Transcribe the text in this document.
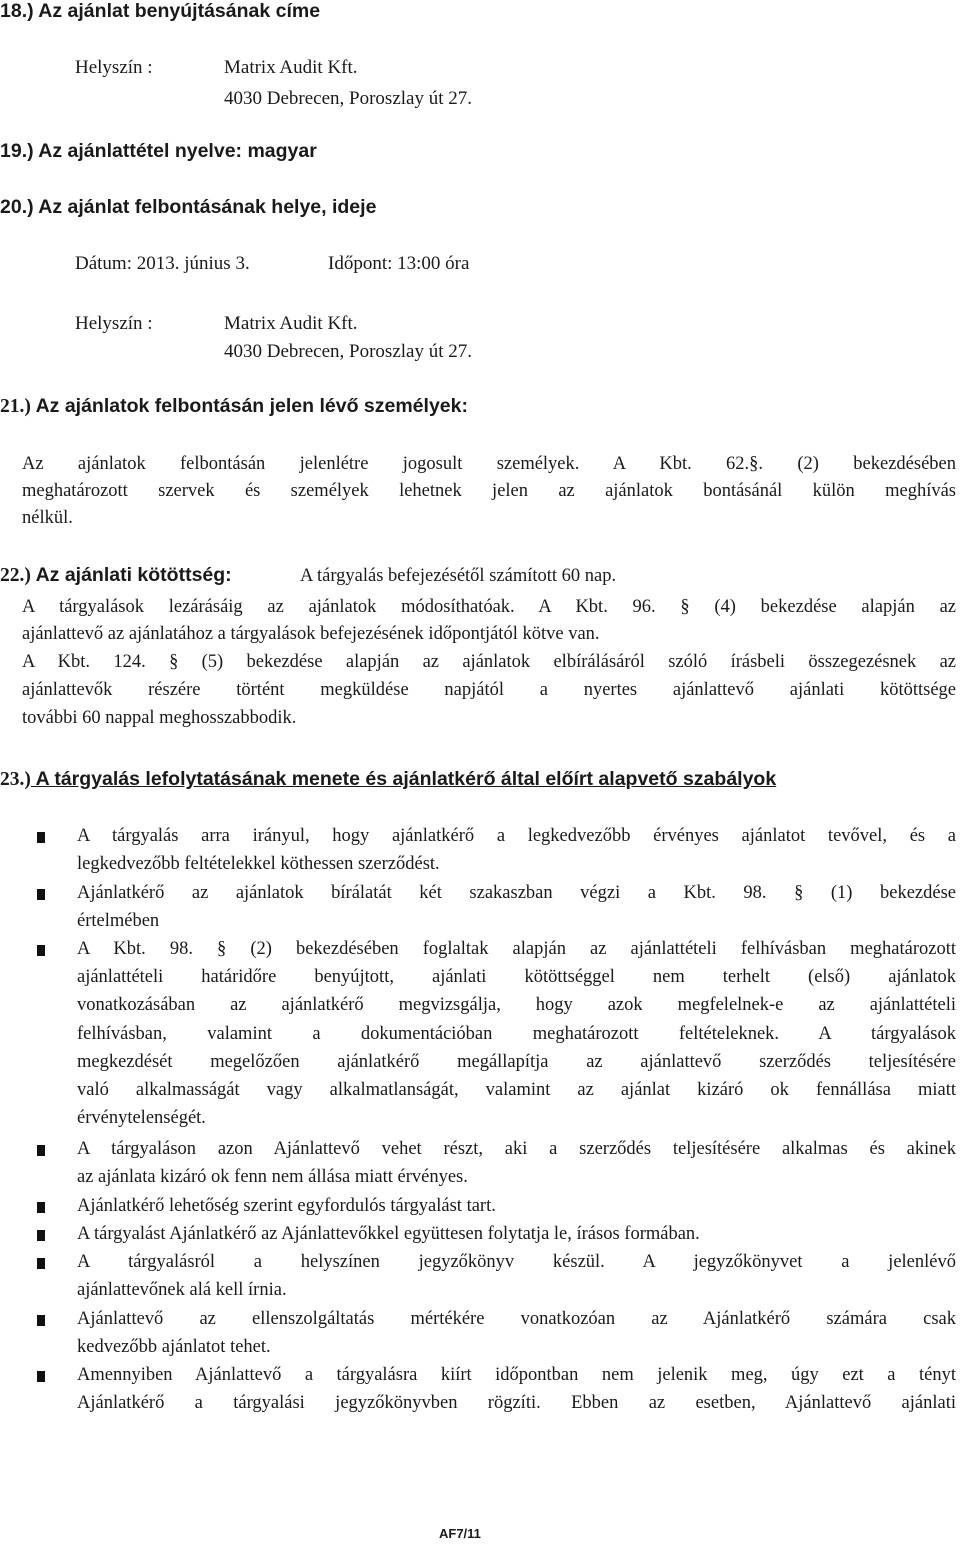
18.) Az ajánlat benyújtásának címe
Helyszín :	Matrix Audit Kft.
4030 Debrecen, Poroszlay út 27.
19.) Az ajánlattétel nyelve: magyar
20.) Az ajánlat felbontásának helye, ideje
Dátum: 2013. június 3.	Időpont: 13:00 óra
Helyszín :	Matrix Audit Kft.
4030 Debrecen, Poroszlay út 27.
21.) Az ajánlatok felbontásán jelen lévő személyek:
Az ajánlatok felbontásán jelenlétre jogosult személyek. A Kbt. 62.§. (2) bekezdésében
meghatározott szervek és személyek lehetnek jelen az ajánlatok bontásánál külön meghívás
nélkül.
22.) Az ajánlati kötöttség:	A tárgyalás befejezésétől számított 60 nap.
A tárgyalások lezárásáig az ajánlatok módosíthatóak. A Kbt. 96. § (4) bekezdése alapján az
ajánlattevő az ajánlatához a tárgyalások befejezésének időpontjától kötve van.
A Kbt. 124. § (5) bekezdése alapján az ajánlatok elbírálásáról szóló írásbeli összegezésnek az
ajánlattevők részére történt megküldése napjától a nyertes ajánlattevő ajánlati kötöttsége
további 60 nappal meghosszabbodik.
23.) A tárgyalás lefolytatásának menete és ajánlatkérő által előírt alapvető szabályok
A tárgyalás arra irányul, hogy ajánlatkérő a legkedvezőbb érvényes ajánlatot tevővel, és a
legkedvezőbb feltételekkel köthessen szerződést.
Ajánlatkérő az ajánlatok bírálatát két szakaszban végzi a Kbt. 98. § (1) bekezdése
értelmében
A Kbt. 98. § (2) bekezdésében foglaltak alapján az ajánlattételi felhívásban meghatározott
ajánlattételi határidőre benyújtott, ajánlati kötöttséggel nem terhelt (első) ajánlatok
vonatkozásában az ajánlatkérő megvizsgálja, hogy azok megfelelnek-e az ajánlattételi
felhívásban, valamint a dokumentációban meghatározott feltételeknek. A tárgyalások
megkezdését megelőzően ajánlatkérő megállapítja az ajánlattevő szerződés teljesítésére
való alkalmasságát vagy alkalmatlanságát, valamint az ajánlat kizáró ok fennállása miatt
érvénytelenségét.
A tárgyaláson azon Ajánlattevő vehet részt, aki a szerződés teljesítésére alkalmas és akinek
az ajánlata kizáró ok fenn nem állása miatt érvényes.
Ajánlatkérő lehetőség szerint egyfordulós tárgyalást tart.
A tárgyalást Ajánlatkérő az Ajánlattevőkkel együttesen folytatja le, írásos formában.
A tárgyalásról a helyszínen jegyzőkönyv készül. A jegyzőkönyvet a jelenlévő
ajánlattevőnek alá kell írnia.
Ajánlattevő az ellenszolgáltatás mértékére vonatkozóan az Ajánlatkérő számára csak
kedvezőbb ajánlatot tehet.
Amennyiben Ajánlattevő a tárgyalásra kiírt időpontban nem jelenik meg, úgy ezt a tényt
Ajánlatkérő a tárgyalási jegyzőkönyvben rögzíti. Ebben az esetben, Ajánlattevő ajánlati
AF7/11
